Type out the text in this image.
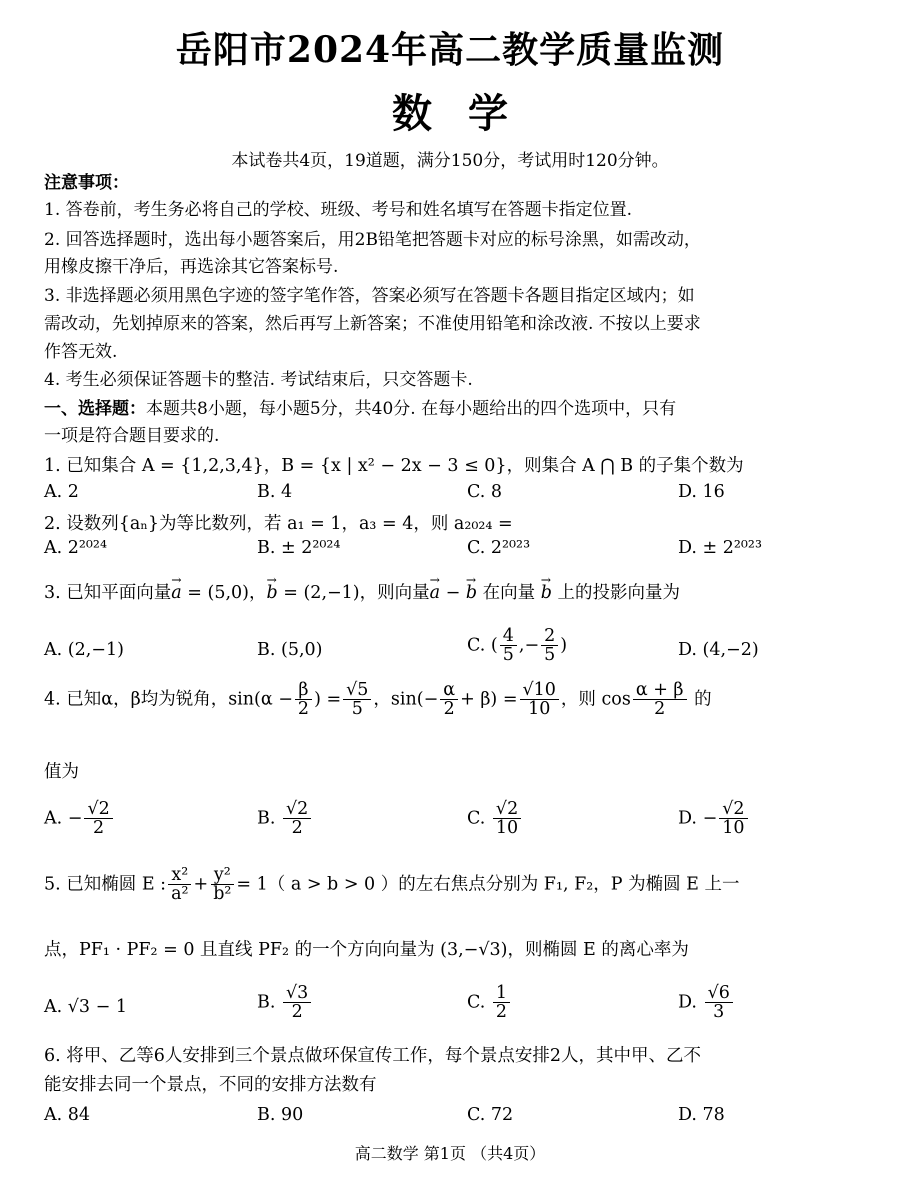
岳阳市2024年高二教学质量监测
数学
本试卷共4页，19道题，满分150分，考试用时120分钟。
注意事项：
1. 答卷前，考生务必将自己的学校、班级、考号和姓名填写在答题卡指定位置.
2. 回答选择题时，选出每小题答案后，用2B铅笔把答题卡对应的标号涂黑，如需改动，
用橡皮擦干净后，再选涂其它答案标号.
3. 非选择题必须用黑色字迹的签字笔作答，答案必须写在答题卡各题目指定区域内；如
需改动，先划掉原来的答案，然后再写上新答案；不准使用铅笔和涂改液. 不按以上要求
作答无效.
4. 考生必须保证答题卡的整洁. 考试结束后，只交答题卡.
一、选择题：本题共8小题，每小题5分，共40分. 在每小题给出的四个选项中，只有
一项是符合题目要求的.
1. 已知集合 A = {1,2,3,4}，B = {x | x² − 2x − 3 ≤ 0}，则集合 A ⋂ B 的子集个数为
A. 2	B. 4	C. 8	D. 16
2. 设数列{aₙ}为等比数列，若 a₁ = 1，a₃ = 4，则 a₂₀₂₄ =
A. 2²⁰²⁴	B. ± 2²⁰²⁴	C. 2²⁰²³	D. ± 2²⁰²³
3. 已知平面向量→ a = (5,0)，→ b = (2,−1)，则向量→ a − → b 在向量 → b 上的投影向量为
A. (2,−1)	B. (5,0)	C. ( $\frac{4}{5}$ ,− $\frac{2}{5}$ )	D. (4,−2)
4. 已知α，β均为锐角，$\sin(\alpha - \frac{\beta}{2}$ ) = $\frac{√5}{5}$ ，$\sin(- \frac{\alpha}{2} + \beta) = \frac{√10}{10}$ ，则 $\cos \frac{\alpha + \beta}{2}$ 的
值为
A. − $\frac{√2}{2}$	B. $\frac{√2}{2}$	C. $\frac{√2}{10}$	D. − $\frac{√2}{10}$
5. 已知椭圆 E : $\frac{\text{x²}}{\text{a²}} + \frac{\text{y²}}{\text{b²}} = 1$（ a > b > 0 ）的左右焦点分别为 F₁, F₂，P 为椭圆 E 上一
点，PF₁ · PF₂ = 0 且直线 PF₂ 的一个方向向量为 (3,−√3)，则椭圆 E 的离心率为
A. √3 − 1	B. $\frac{√3}{2}$	C. $\frac{1}{2}$	D. $\frac{√6}{3}$
6. 将甲、乙等6人安排到三个景点做环保宣传工作，每个景点安排2人，其中甲、乙不
能安排去同一个景点，不同的安排方法数有
A. 84	B. 90	C. 72	D. 78
高二数学 第1页 （共4页）
